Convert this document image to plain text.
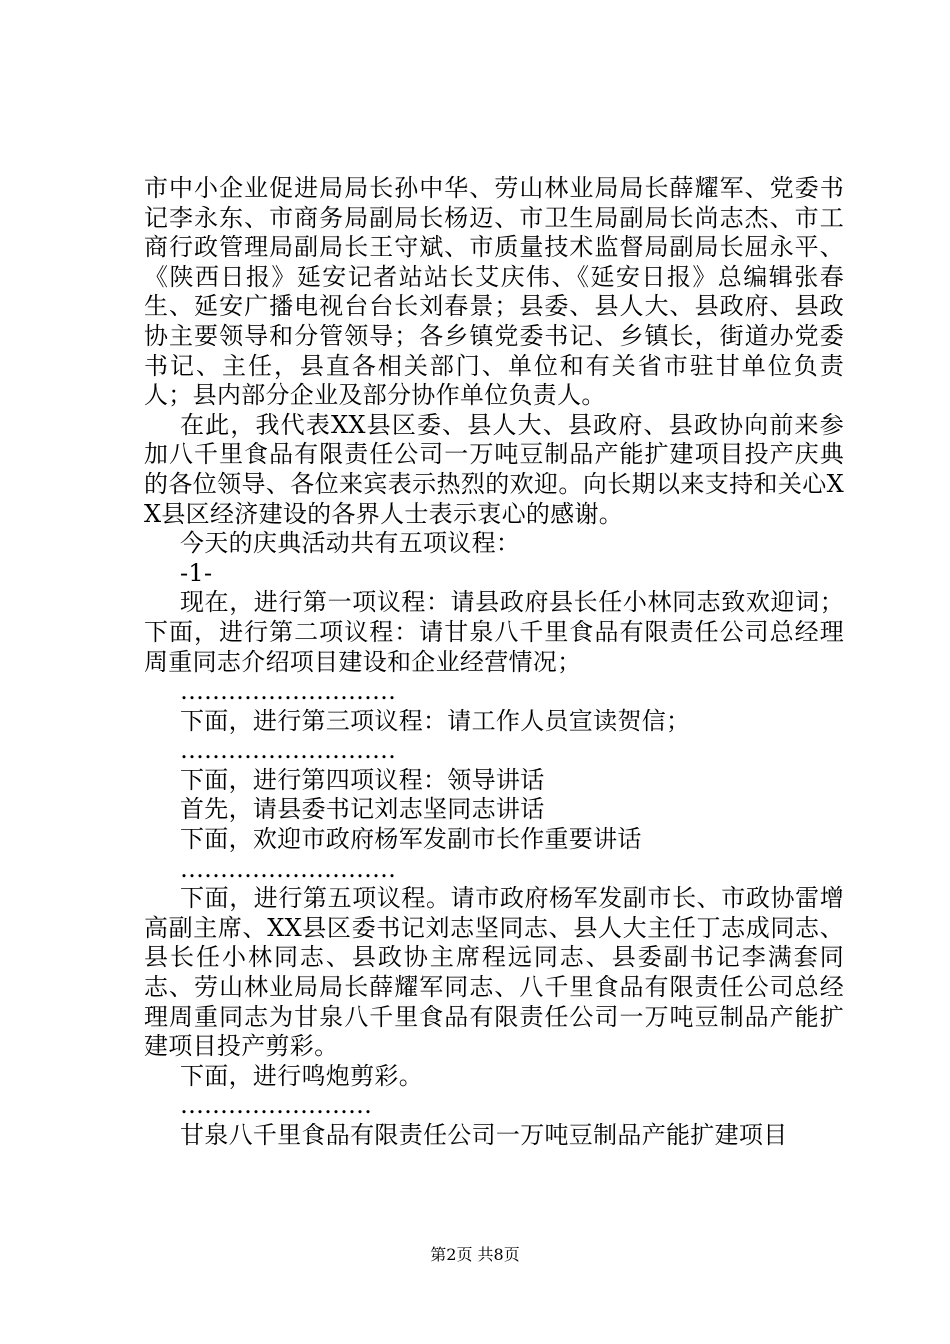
市中小企业促进局局长孙中华、劳山林业局局长薛耀军、党委书记李永东、市商务局副局长杨迈、市卫生局副局长尚志杰、市工商行政管理局副局长王守斌、市质量技术监督局副局长屈永平、《陕西日报》延安记者站站长艾庆伟、《延安日报》总编辑张春生、延安广播电视台台长刘春景；县委、县人大、县政府、县政协主要领导和分管领导；各乡镇党委书记、乡镇长，街道办党委书记、主任，县直各相关部门、单位和有关省市驻甘单位负责人；县内部分企业及部分协作单位负责人。

在此，我代表XX县区委、县人大、县政府、县政协向前来参加八千里食品有限责任公司一万吨豆制品产能扩建项目投产庆典的各位领导、各位来宾表示热烈的欢迎。向长期以来支持和关心XX县区经济建设的各界人士表示衷心的感谢。

今天的庆典活动共有五项议程：

-1-

现在，进行第一项议程：请县政府县长任小林同志致欢迎词；下面，进行第二项议程：请甘泉八千里食品有限责任公司总经理周重同志介绍项目建设和企业经营情况；

………………………

下面，进行第三项议程：请工作人员宣读贺信；

………………………

下面，进行第四项议程：领导讲话

首先，请县委书记刘志坚同志讲话

下面，欢迎市政府杨军发副市长作重要讲话

………………………

下面，进行第五项议程。请市政府杨军发副市长、市政协雷增高副主席、XX县区委书记刘志坚同志、县人大主任丁志成同志、县长任小林同志、县政协主席程远同志、县委副书记李满套同志、劳山林业局局长薛耀军同志、八千里食品有限责任公司总经理周重同志为甘泉八千里食品有限责任公司一万吨豆制品产能扩建项目投产剪彩。

下面，进行鸣炮剪彩。

……………………

甘泉八千里食品有限责任公司一万吨豆制品产能扩建项目

第2页 共8页
